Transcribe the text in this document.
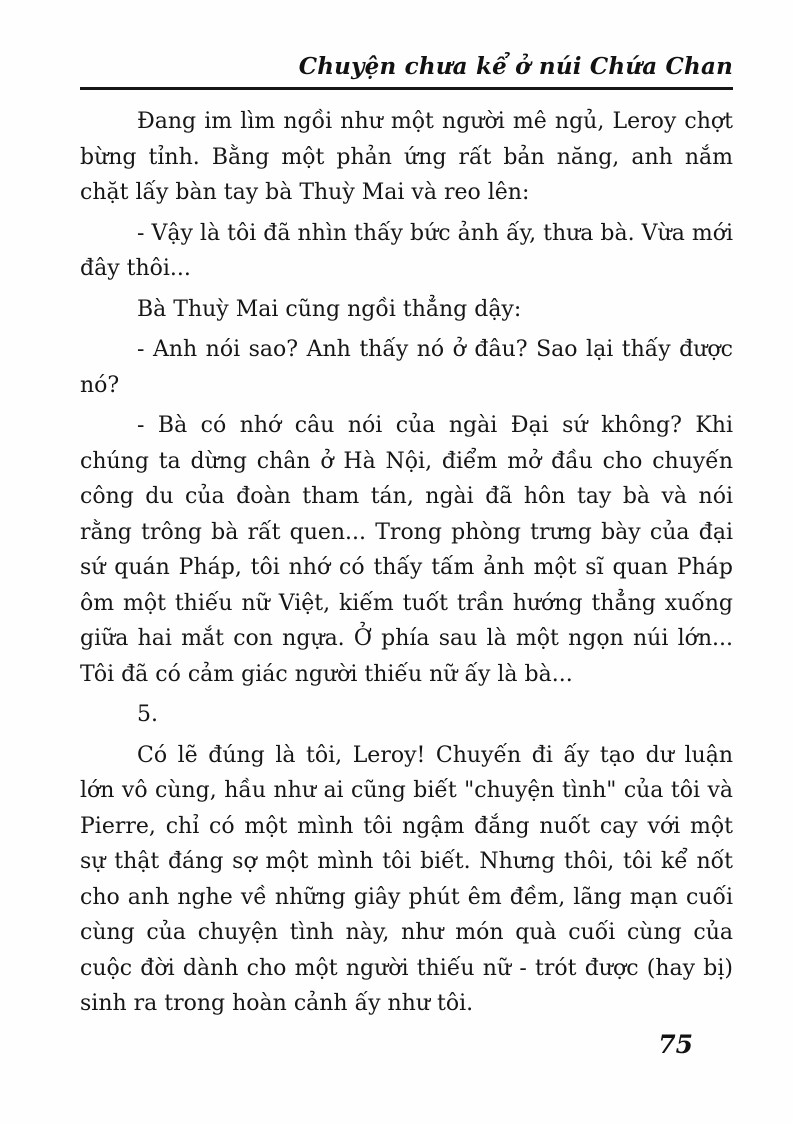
Chuyện chưa kể ở núi Chứa Chan

Đang im lìm ngồi như một người mê ngủ, Leroy chợt bừng tỉnh. Bằng một phản ứng rất bản năng, anh nắm chặt lấy bàn tay bà Thuỳ Mai và reo lên:

- Vậy là tôi đã nhìn thấy bức ảnh ấy, thưa bà. Vừa mới đây thôi...

Bà Thuỳ Mai cũng ngồi thẳng dậy:

- Anh nói sao? Anh thấy nó ở đâu? Sao lại thấy được nó?

- Bà có nhớ câu nói của ngài Đại sứ không? Khi chúng ta dừng chân ở Hà Nội, điểm mở đầu cho chuyến công du của đoàn tham tán, ngài đã hôn tay bà và nói rằng trông bà rất quen... Trong phòng trưng bày của đại sứ quán Pháp, tôi nhớ có thấy tấm ảnh một sĩ quan Pháp ôm một thiếu nữ Việt, kiếm tuốt trần hướng thẳng xuống giữa hai mắt con ngựa. Ở phía sau là một ngọn núi lớn... Tôi đã có cảm giác người thiếu nữ ấy là bà...

5.

Có lẽ đúng là tôi, Leroy! Chuyến đi ấy tạo dư luận lớn vô cùng, hầu như ai cũng biết "chuyện tình" của tôi và Pierre, chỉ có một mình tôi ngậm đắng nuốt cay với một sự thật đáng sợ một mình tôi biết. Nhưng thôi, tôi kể nốt cho anh nghe về những giây phút êm đềm, lãng mạn cuối cùng của chuyện tình này, như món quà cuối cùng của cuộc đời dành cho một người thiếu nữ - trót được (hay bị) sinh ra trong hoàn cảnh ấy như tôi.

75
